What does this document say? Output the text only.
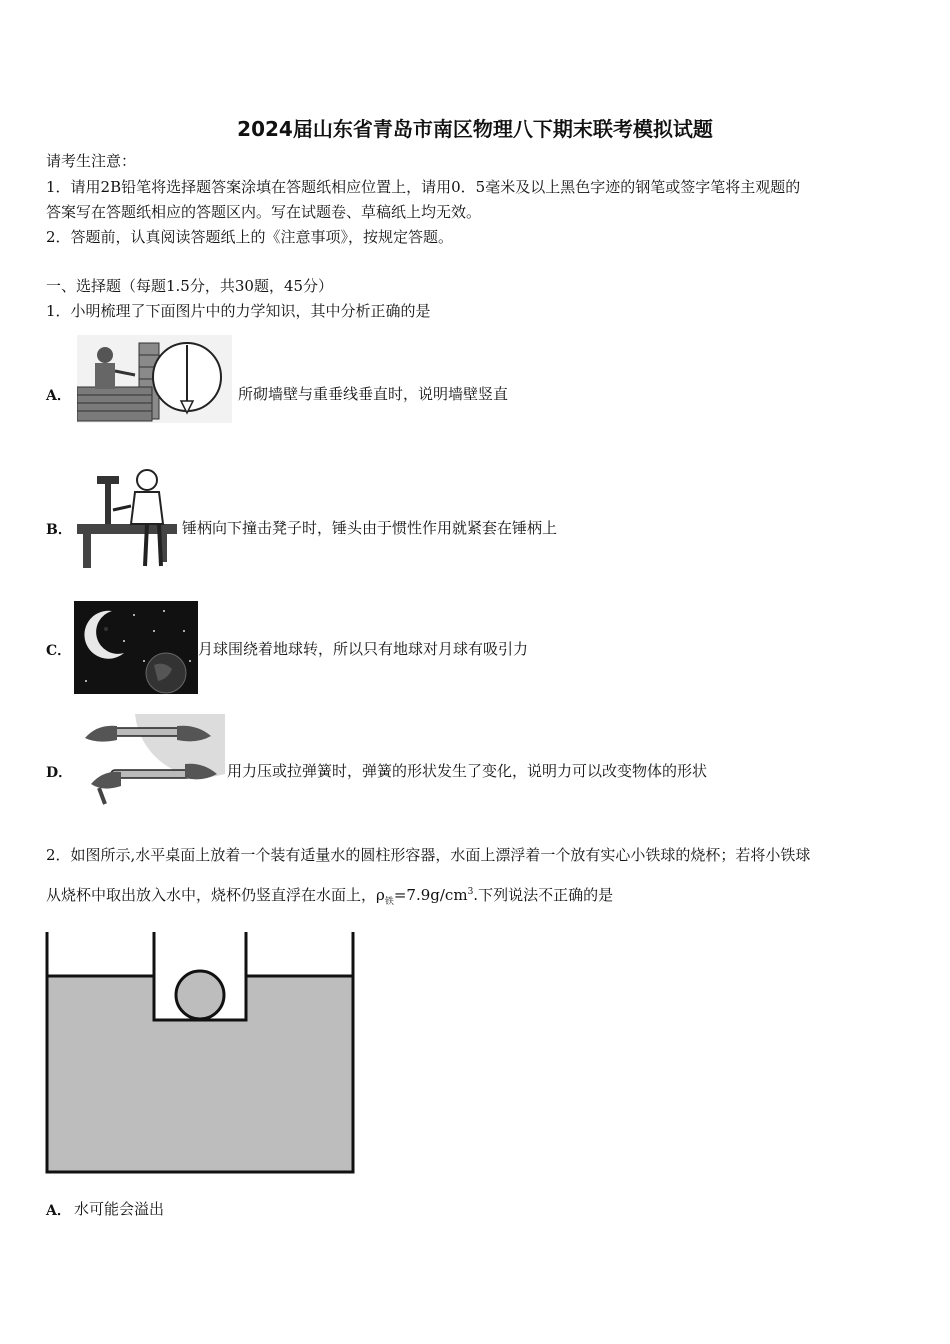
2024届山东省青岛市南区物理八下期末联考模拟试题
请考生注意：
1．请用2B铅笔将选择题答案涂填在答题纸相应位置上，请用0．5毫米及以上黑色字迹的钢笔或签字笔将主观题的
答案写在答题纸相应的答题区内。写在试题卷、草稿纸上均无效。
2．答题前，认真阅读答题纸上的《注意事项》，按规定答题。
一、选择题（每题1.5分，共30题，45分）
1．小明梳理了下面图片中的力学知识，其中分析正确的是
A．	所砌墙壁与重垂线垂直时，说明墙壁竖直
B．	锤柄向下撞击凳子时，锤头由于惯性作用就紧套在锤柄上
C．	月球围绕着地球转，所以只有地球对月球有吸引力
D．	用力压或拉弹簧时，弹簧的形状发生了变化，说明力可以改变物体的形状
2．如图所示,水平桌面上放着一个装有适量水的圆柱形容器，水面上漂浮着一个放有实心小铁球的烧杯；若将小铁球
从烧杯中取出放入水中，烧杯仍竖直浮在水面上，$\rho_铁=7.9g/cm^3$.下列说法不正确的是
A． 水可能会溢出
